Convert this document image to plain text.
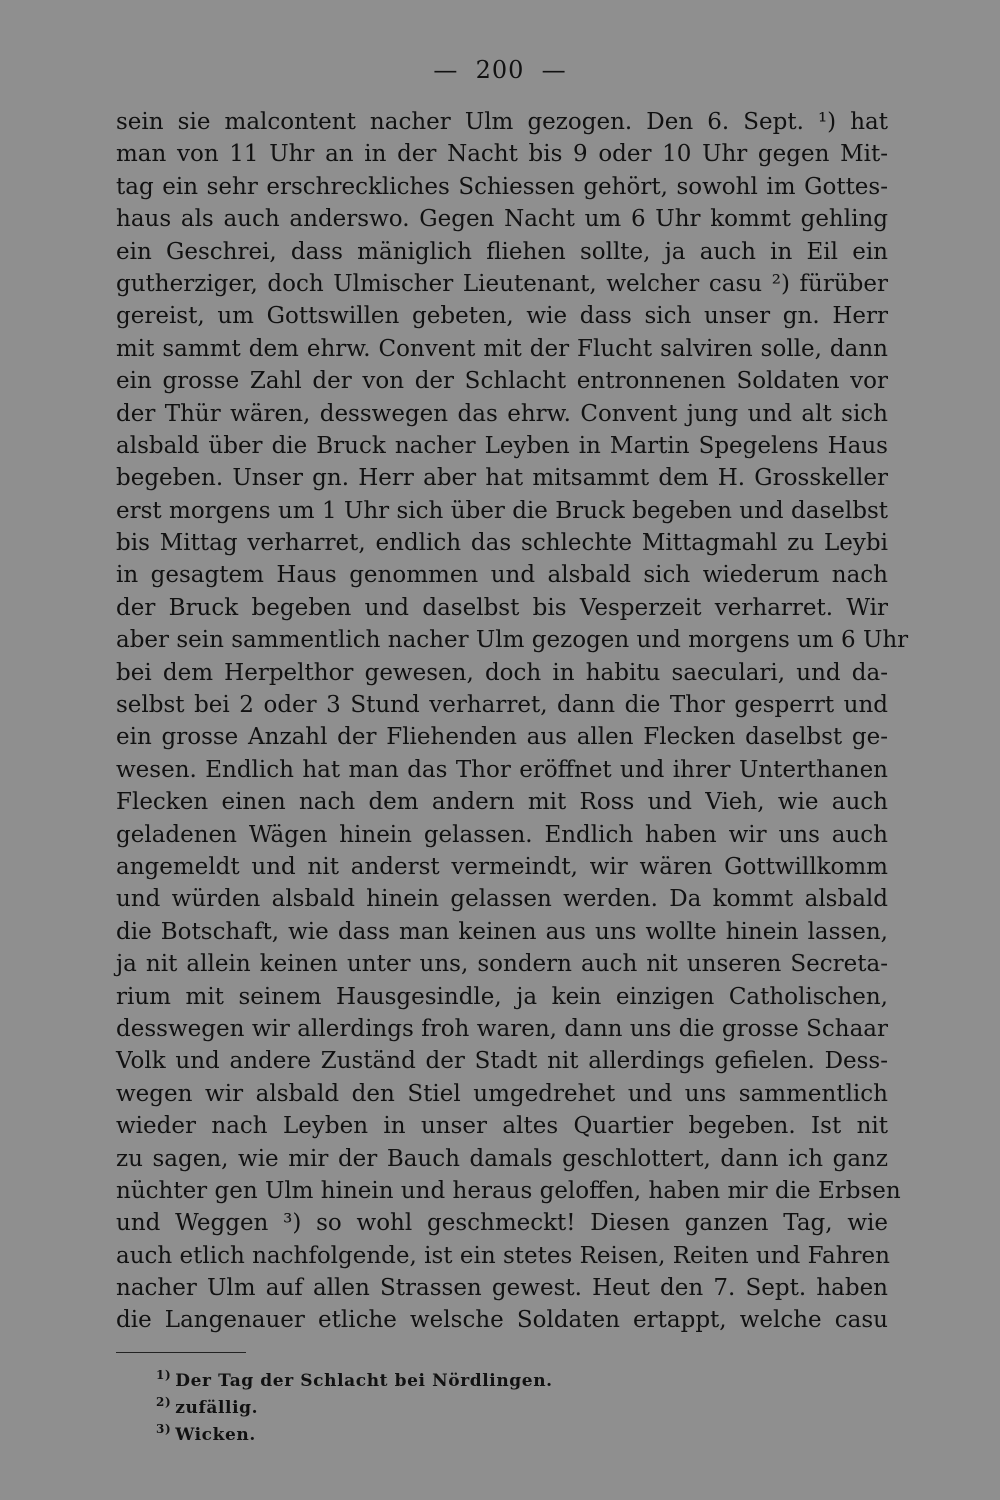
—  200  —
sein sie malcontent nacher Ulm gezogen. Den 6. Sept. ¹) hat
man von 11 Uhr an in der Nacht bis 9 oder 10 Uhr gegen Mit-
tag ein sehr erschreckliches Schiessen gehört, sowohl im Gottes-
haus als auch anderswo. Gegen Nacht um 6 Uhr kommt gehling
ein Geschrei, dass mäniglich fliehen sollte, ja auch in Eil ein
gutherziger, doch Ulmischer Lieutenant, welcher casu ²) fürüber
gereist, um Gottswillen gebeten, wie dass sich unser gn. Herr
mit sammt dem ehrw. Convent mit der Flucht salviren solle, dann
ein grosse Zahl der von der Schlacht entronnenen Soldaten vor
der Thür wären, desswegen das ehrw. Convent jung und alt sich
alsbald über die Bruck nacher Leyben in Martin Spegelens Haus
begeben. Unser gn. Herr aber hat mitsammt dem H. Grosskeller
erst morgens um 1 Uhr sich über die Bruck begeben und daselbst
bis Mittag verharret, endlich das schlechte Mittagmahl zu Leybi
in gesagtem Haus genommen und alsbald sich wiederum nach
der Bruck begeben und daselbst bis Vesperzeit verharret. Wir
aber sein sammentlich nacher Ulm gezogen und morgens um 6 Uhr
bei dem Herpelthor gewesen, doch in habitu saeculari, und da-
selbst bei 2 oder 3 Stund verharret, dann die Thor gesperrt und
ein grosse Anzahl der Fliehenden aus allen Flecken daselbst ge-
wesen. Endlich hat man das Thor eröffnet und ihrer Unterthanen
Flecken einen nach dem andern mit Ross und Vieh, wie auch
geladenen Wägen hinein gelassen. Endlich haben wir uns auch
angemeldt und nit anderst vermeindt, wir wären Gottwillkomm
und würden alsbald hinein gelassen werden. Da kommt alsbald
die Botschaft, wie dass man keinen aus uns wollte hinein lassen,
ja nit allein keinen unter uns, sondern auch nit unseren Secreta-
rium mit seinem Hausgesindle, ja kein einzigen Catholischen,
desswegen wir allerdings froh waren, dann uns die grosse Schaar
Volk und andere Zuständ der Stadt nit allerdings gefielen. Dess-
wegen wir alsbald den Stiel umgedrehet und uns sammentlich
wieder nach Leyben in unser altes Quartier begeben. Ist nit
zu sagen, wie mir der Bauch damals geschlottert, dann ich ganz
nüchter gen Ulm hinein und heraus geloffen, haben mir die Erbsen
und Weggen ³) so wohl geschmeckt! Diesen ganzen Tag, wie
auch etlich nachfolgende, ist ein stetes Reisen, Reiten und Fahren
nacher Ulm auf allen Strassen gewest. Heut den 7. Sept. haben
die Langenauer etliche welsche Soldaten ertappt, welche casu
$^{1)}$ Der Tag der Schlacht bei Nördlingen.
$^{2)}$ zufällig.
$^{3)}$ Wicken.
